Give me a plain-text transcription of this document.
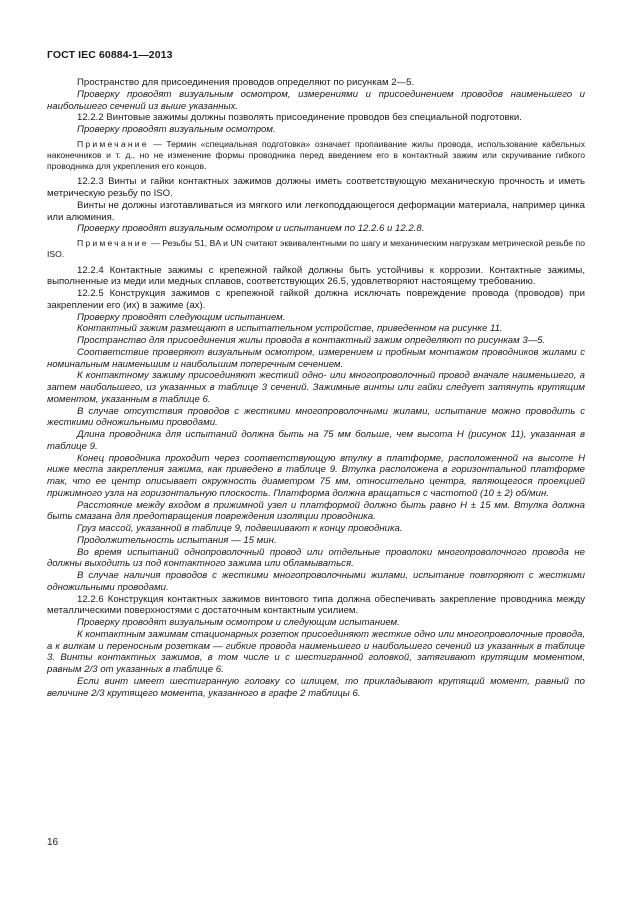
ГОСТ IEC 60884-1—2013

Пространство для присоединения проводов определяют по рисункам 2—5.

Проверку проводят визуальным осмотром, измерениями и присоединением проводов наименьшего и наибольшего сечений из выше указанных.

12.2.2 Винтовые зажимы должны позволять присоединение проводов без специальной подготовки.

Проверку проводят визуальным осмотром.

Примечание — Термин «специальная подготовка» означает пропаивание жилы провода, использование кабельных наконечников и т. д., но не изменение формы проводника перед введением его в контактный зажим или скручивание гибкого проводника для укрепления его концов.

12.2.3 Винты и гайки контактных зажимов должны иметь соответствующую механическую прочность и иметь метрическую резьбу по ISO.

Винты не должны изготавливаться из мягкого или легкоподдающегося деформации материала, например цинка или алюминия.

Проверку проводят визуальным осмотром и испытанием по 12.2.6 и 12.2.8.

Примечание — Резьбы S1, BA и UN считают эквивалентными по шагу и механическим нагрузкам метрической резьбе по ISO.

12.2.4 Контактные зажимы с крепежной гайкой должны быть устойчивы к коррозии. Контактные зажимы, выполненные из меди или медных сплавов, соответствующих 26.5, удовлетворяют настоящему требованию.

12.2.5 Конструкция зажимов с крепежной гайкой должна исключать повреждение провода (проводов) при закреплении его (их) в зажиме (ах).

Проверку проводят следующим испытанием.

Контактный зажим размещают в испытательном устройстве, приведенном на рисунке 11.

Пространство для присоединения жилы провода в контактный зажим определяют по рисункам 3—5.

Соответствие проверяют визуальным осмотром, измерением и пробным монтажом проводников жилами с номинальным наименьшим и наибольшим поперечным сечением.

К контактному зажиму присоединяют жесткий одно- или многопроволочный провод вначале наименьшего, а затем наибольшего, из указанных в таблице 3 сечений. Зажимные винты или гайки следует затянуть крутящим моментом, указанным в таблице 6.

В случае отсутствия проводов с жесткими многопроволочными жилами, испытание можно проводить с жесткими одножильными проводами.

Длина проводника для испытаний должна быть на 75 мм больше, чем высота H (рисунок 11), указанная в таблице 9.

Конец проводника проходит через соответствующую втулку в платформе, расположенной на высоте H ниже места закрепления зажима, как приведено в таблице 9. Втулка расположена в горизонтальной платформе так, что ее центр описывает окружность диаметром 75 мм, относительно центра, являющегося проекцией прижимного узла на горизонтальную плоскость. Платформа должна вращаться с частотой (10 ± 2) об/мин.

Расстояние между входом в прижимной узел и платформой должно быть равно H ± 15 мм. Втулка должна быть смазана для предотвращения повреждения изоляции проводника.

Груз массой, указанной в таблице 9, подвешивают к концу проводника.

Продолжительность испытания — 15 мин.

Во время испытаний однопроволочный провод или отдельные проволоки многопроволочного провода не должны выходить из под контактного зажима или обламываться.

В случае наличия проводов с жесткими многопроволочными жилами, испытание повторяют с жесткими одножильными проводами.

12.2.6 Конструкция контактных зажимов винтового типа должна обеспечивать закрепление проводника между металлическими поверхностями с достаточным контактным усилием.

Проверку проводят визуальным осмотром и следующим испытанием.

К контактным зажимам стационарных розеток присоединяют жесткие одно или многопроволочные провода, а к вилкам и переносным розеткам — гибкие провода наименьшего и наибольшего сечений из указанных в таблице 3. Винты контактных зажимов, в том числе и с шестигранной головкой, затягивают крутящим моментом, равным 2/3 от указанных в таблице 6.

Если винт имеет шестигранную головку со шлицем, то прикладывают крутящий момент, равный по величине 2/3 крутящего момента, указанного в графе 2 таблицы 6.

16
